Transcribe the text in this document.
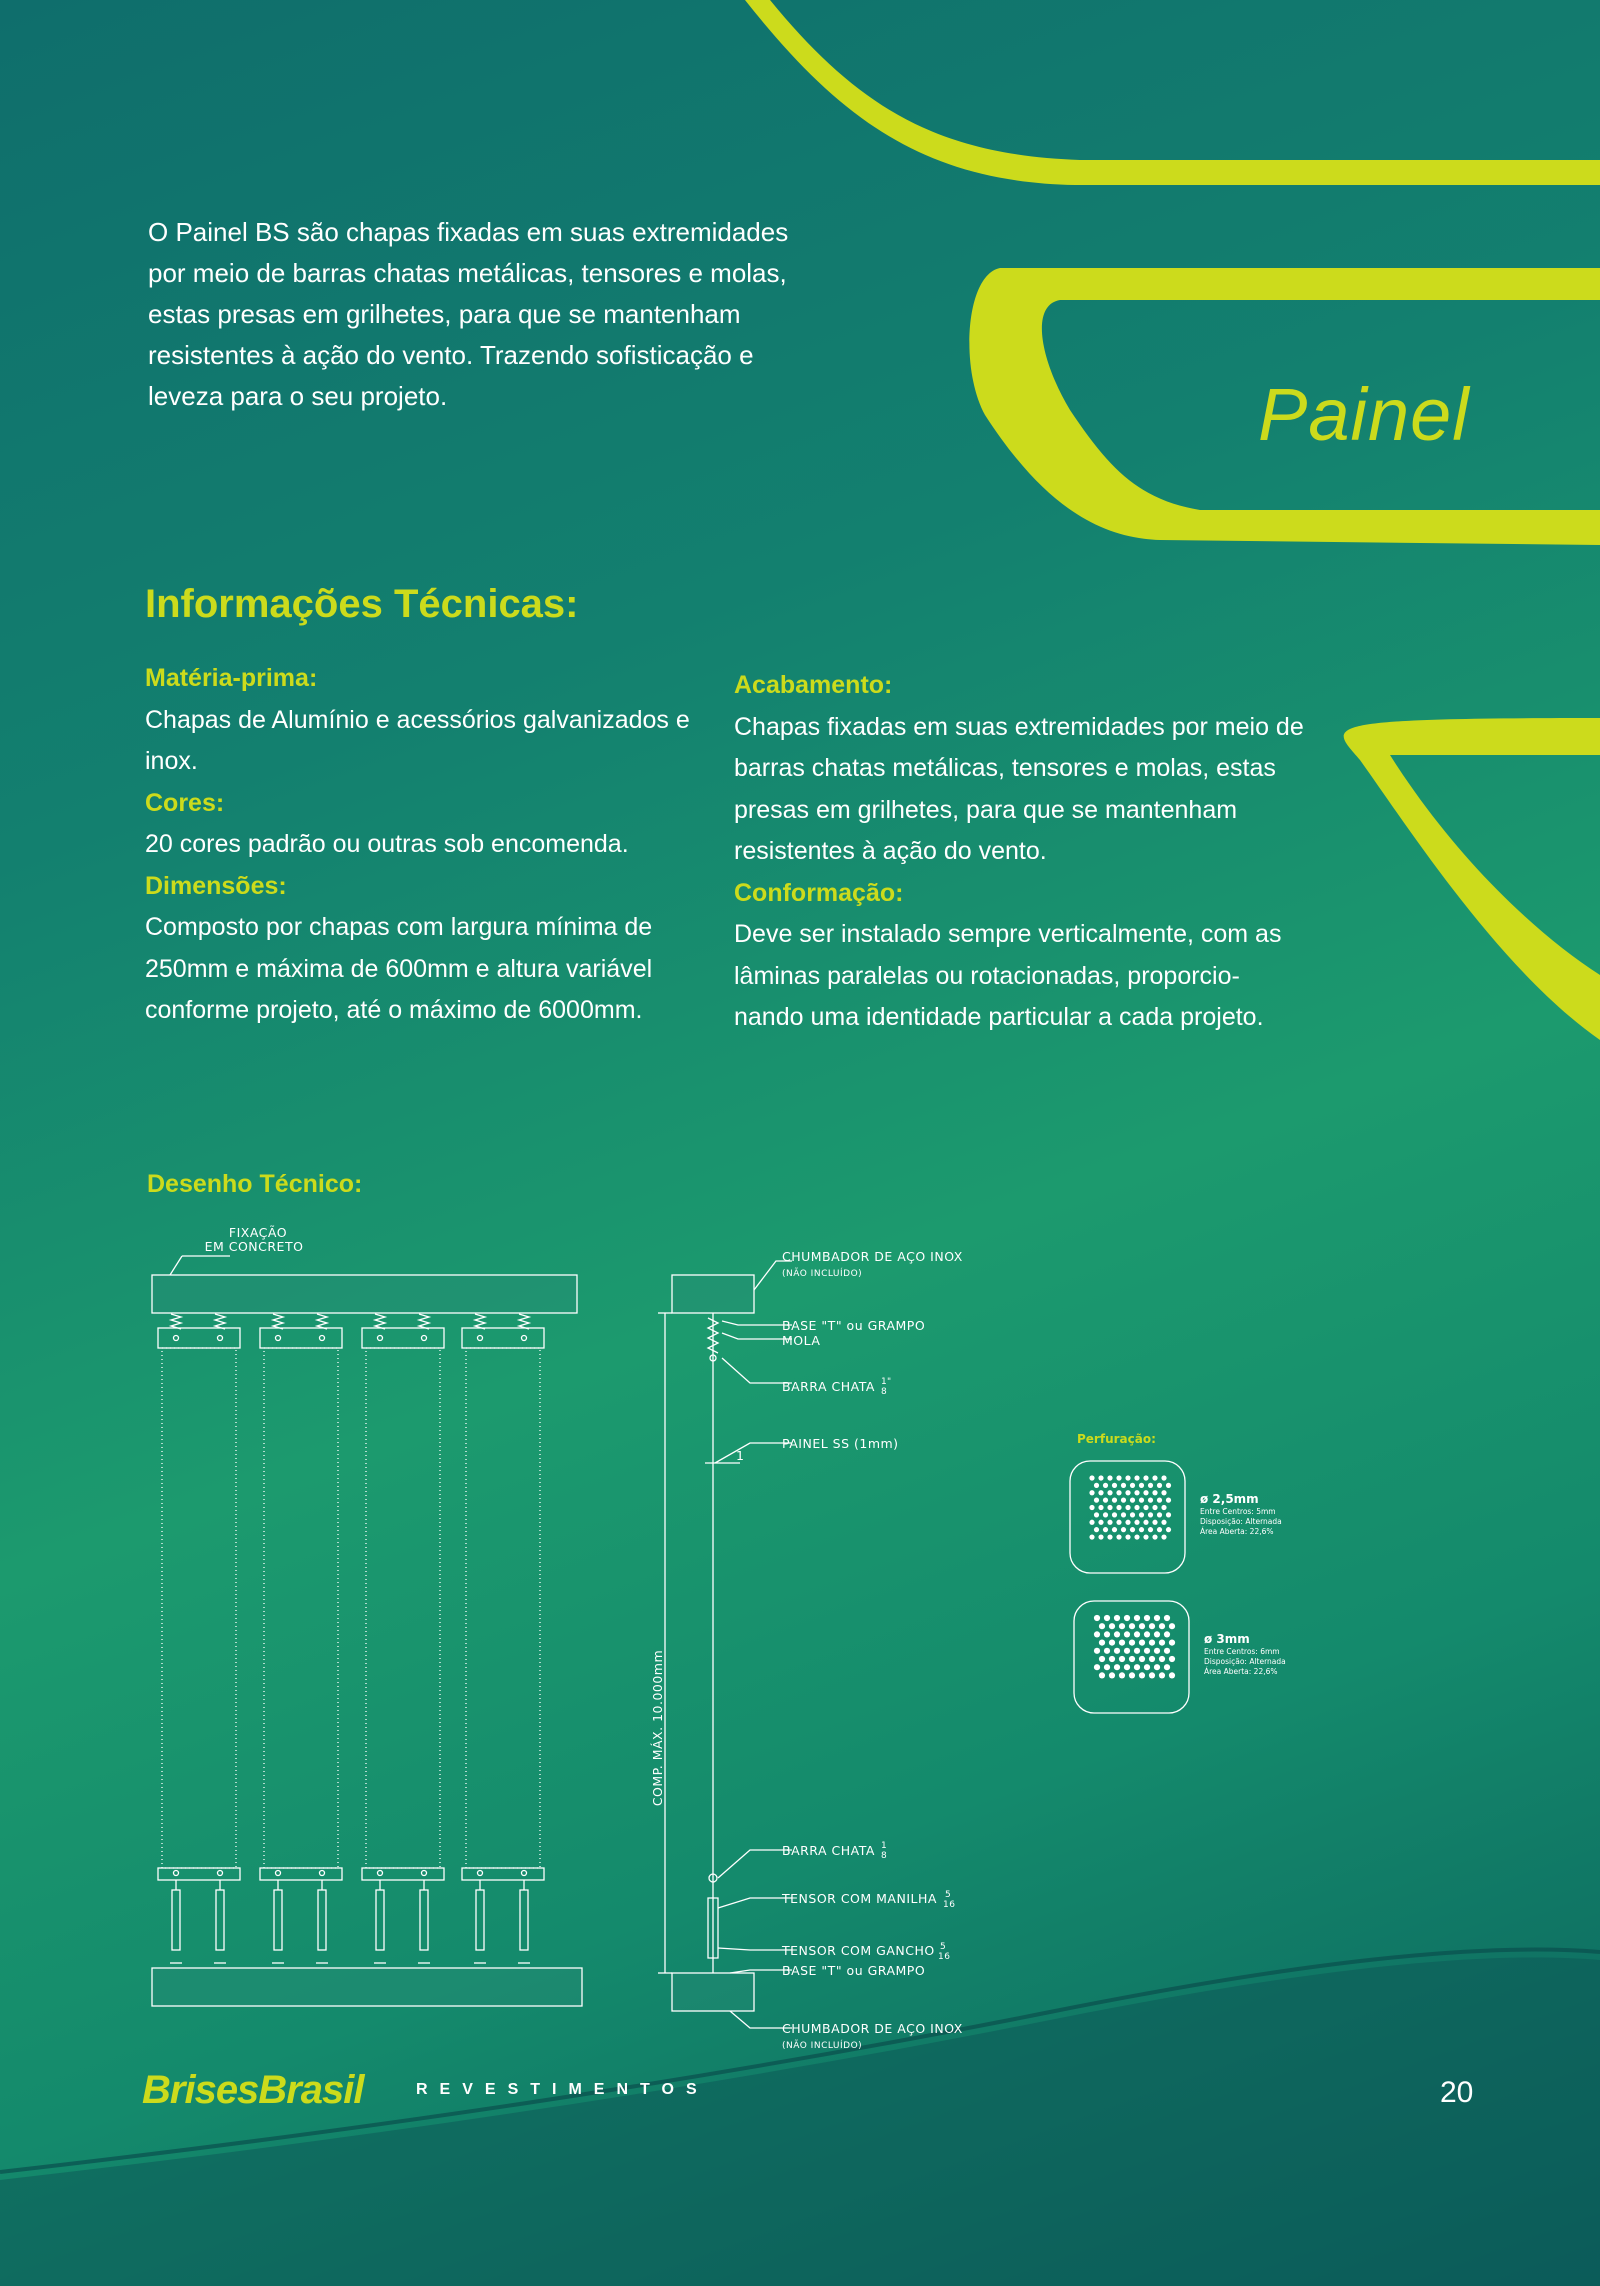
O Painel BS são chapas fixadas em suas extremidades por meio de barras chatas metálicas, tensores e molas, estas presas em grilhetes, para que se mantenham resistentes à ação do vento. Trazendo sofisticação e leveza para o seu projeto.	Painel
Informações Técnicas:
Matéria-prima:
Chapas de Alumínio e acessórios galvanizados e inox.
Cores:
20 cores padrão ou outras sob encomenda.
Dimensões:
Composto por chapas com largura mínima de 250mm e máxima de 600mm e altura variável conforme projeto, até o máximo de 6000mm.
Acabamento:
Chapas fixadas em suas extremidades por meio de barras chatas metálicas, tensores e molas, estas presas em grilhetes, para que se mantenham resistentes à ação do vento.
Conformação:
Deve ser instalado sempre verticalmente, com as lâminas paralelas ou rotacionadas, proporcio-nando uma identidade particular a cada projeto.
Desenho Técnico:
FIXAÇÃO
EM CONCRETO
CHUMBADOR DE AÇO INOX
(NÃO INCLUÍDO)
BASE "T" ou GRAMPO
MOLA
BARRA CHATA 1
8
"
PAINEL SS (1mm)
1
COMP. MÁX. 10.000mm
BARRA CHATA 1
8
TENSOR COM MANILHA 5
16
TENSOR COM GANCHO 5
16
BASE "T" ou GRAMPO
CHUMBADOR DE AÇO INOX
(NÃO INCLUÍDO)
Perfuração:
ø 2,5mm
Entre Centros: 5mm
Disposição: Alternada
Área Aberta: 22,6%
ø 3mm
Entre Centros: 6mm
Disposição: Alternada
Área Aberta: 22,6%
BrisesBrasil	REVESTIMENTOS	20
